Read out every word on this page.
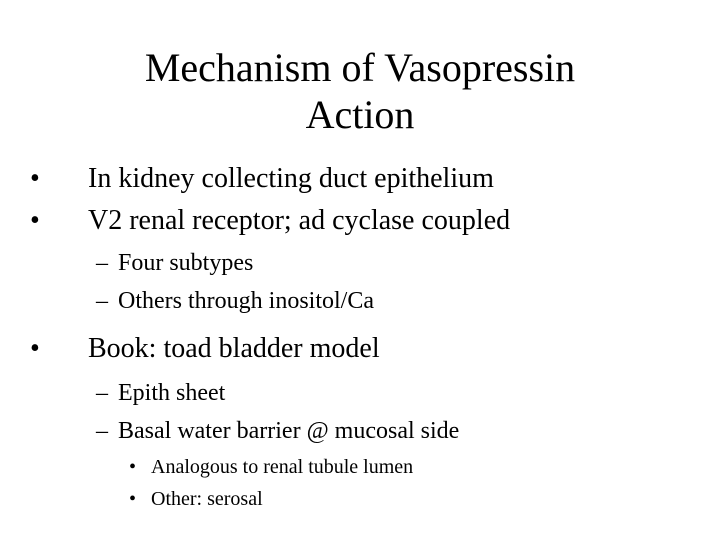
Mechanism of Vasopressin
Action
• In kidney collecting duct epithelium
• V2 renal receptor; ad cyclase coupled
– Four subtypes
– Others through inositol/Ca
• Book: toad bladder model
– Epith sheet
– Basal water barrier @ mucosal side
• Analogous to renal tubule lumen
• Other: serosal
